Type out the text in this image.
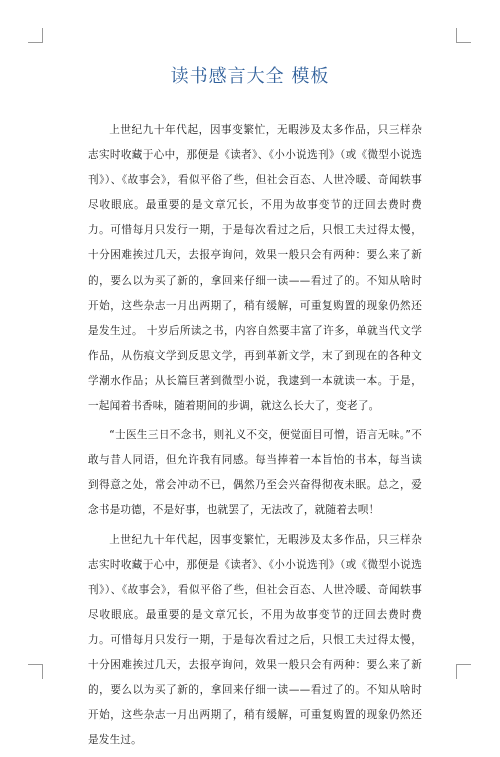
读书感言大全 模板

上世纪九十年代起，因事变繁忙，无暇涉及太多作品，只三样杂志实时收藏于心中，那便是《读者》、《小小说选刊》（或《微型小说选刊》）、《故事会》，看似平俗了些，但社会百态、人世冷暖、奇闻轶事尽收眼底。最重要的是文章冗长，不用为故事变节的迂回去费时费力。可惜每月只发行一期，于是每次看过之后，只恨工夫过得太慢，十分困难挨过几天，去报亭询问，效果一般只会有两种：要么来了新的，要么以为买了新的，拿回来仔细一读——看过了的。不知从啥时开始，这些杂志一月出两期了，稍有缓解，可重复购置的现象仍然还是发生过。 十岁后所读之书，内容自然要丰富了许多，单就当代文学作品，从伤痕文学到反思文学，再到革新文学，末了到现在的各种文学潮水作品；从长篇巨著到微型小说，我逮到一本就读一本。于是，一起闻着书香味，随着期间的步调，就这么长大了，变老了。

“士医生三日不念书，则礼义不交，便觉面目可憎，语言无味。”不敢与昔人同语，但允许我有同感。每当捧着一本旨怡的书本，每当读到得意之处，常会冲动不已，偶然乃至会兴奋得彻夜未眠。总之，爱念书是功德，不是好事，也就罢了，无法改了，就随着去呗！

上世纪九十年代起，因事变繁忙，无暇涉及太多作品，只三样杂志实时收藏于心中，那便是《读者》、《小小说选刊》（或《微型小说选刊》）、《故事会》，看似平俗了些，但社会百态、人世冷暖、奇闻轶事尽收眼底。最重要的是文章冗长，不用为故事变节的迂回去费时费力。可惜每月只发行一期，于是每次看过之后，只恨工夫过得太慢，十分困难挨过几天，去报亭询问，效果一般只会有两种：要么来了新的，要么以为买了新的，拿回来仔细一读——看过了的。不知从啥时开始，这些杂志一月出两期了，稍有缓解，可重复购置的现象仍然还是发生过。
